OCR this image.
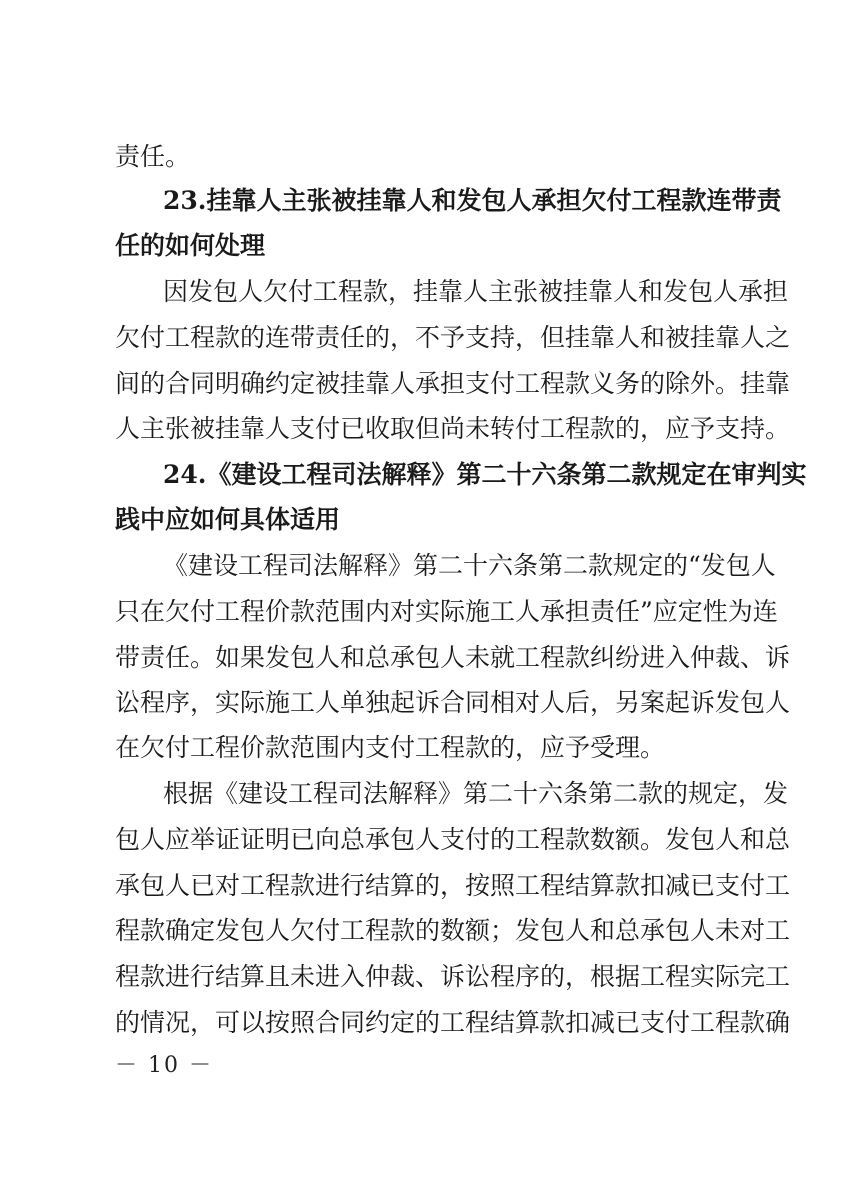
责任。
23.挂靠人主张被挂靠人和发包人承担欠付工程款连带责
任的如何处理
因发包人欠付工程款，挂靠人主张被挂靠人和发包人承担
欠付工程款的连带责任的，不予支持，但挂靠人和被挂靠人之
间的合同明确约定被挂靠人承担支付工程款义务的除外。挂靠
人主张被挂靠人支付已收取但尚未转付工程款的，应予支持。
24.《建设工程司法解释》第二十六条第二款规定在审判实
践中应如何具体适用
《建设工程司法解释》第二十六条第二款规定的“发包人
只在欠付工程价款范围内对实际施工人承担责任”应定性为连
带责任。如果发包人和总承包人未就工程款纠纷进入仲裁、诉
讼程序，实际施工人单独起诉合同相对人后，另案起诉发包人
在欠付工程价款范围内支付工程款的，应予受理。
根据《建设工程司法解释》第二十六条第二款的规定，发
包人应举证证明已向总承包人支付的工程款数额。发包人和总
承包人已对工程款进行结算的，按照工程结算款扣减已支付工
程款确定发包人欠付工程款的数额；发包人和总承包人未对工
程款进行结算且未进入仲裁、诉讼程序的，根据工程实际完工
的情况，可以按照合同约定的工程结算款扣减已支付工程款确
－ 10 －
